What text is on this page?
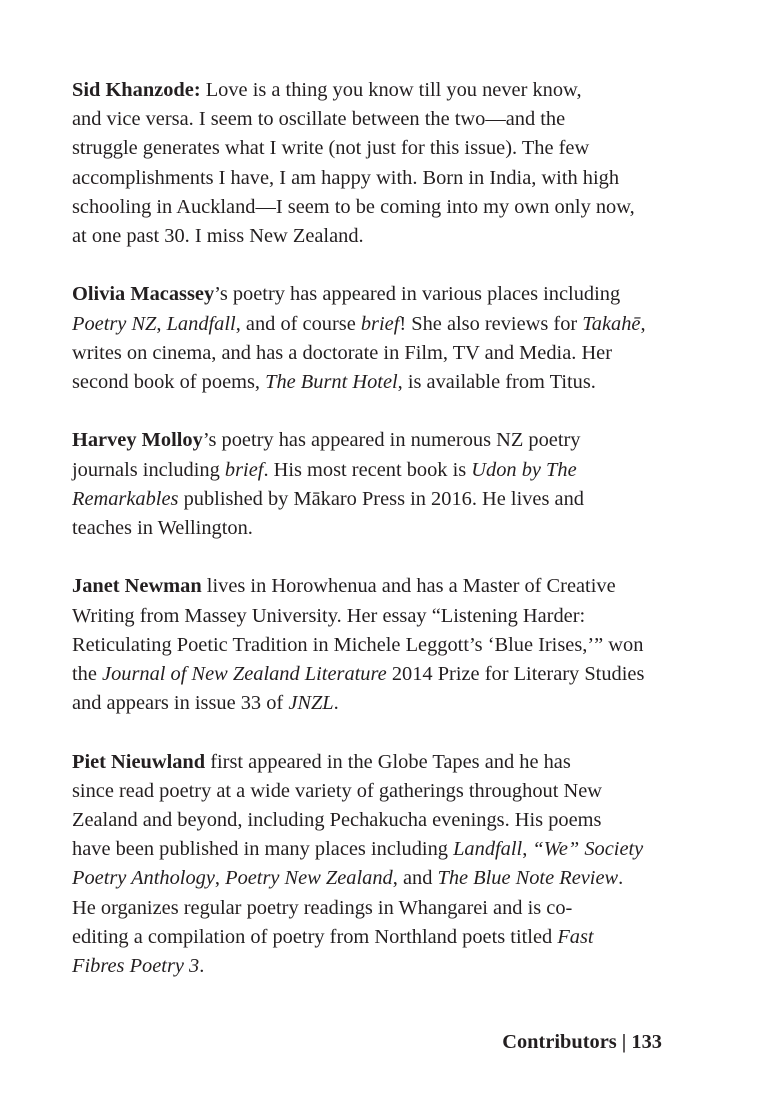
Sid Khanzode: Love is a thing you know till you never know,
and vice versa. I seem to oscillate between the two—and the
struggle generates what I write (not just for this issue). The few
accomplishments I have, I am happy with. Born in India, with high
schooling in Auckland—I seem to be coming into my own only now,
at one past 30. I miss New Zealand.

Olivia Macassey’s poetry has appeared in various places including
Poetry NZ, Landfall, and of course brief! She also reviews for Takahē,
writes on cinema, and has a doctorate in Film, TV and Media. Her
second book of poems, The Burnt Hotel, is available from Titus.

Harvey Molloy’s poetry has appeared in numerous NZ poetry
journals including brief. His most recent book is Udon by The
Remarkables published by Mākaro Press in 2016. He lives and
teaches in Wellington.

Janet Newman lives in Horowhenua and has a Master of Creative
Writing from Massey University. Her essay “Listening Harder:
Reticulating Poetic Tradition in Michele Leggott’s ‘Blue Irises,’” won
the Journal of New Zealand Literature 2014 Prize for Literary Studies
and appears in issue 33 of JNZL.

Piet Nieuwland first appeared in the Globe Tapes and he has
since read poetry at a wide variety of gatherings throughout New
Zealand and beyond, including Pechakucha evenings. His poems
have been published in many places including Landfall, “We” Society
Poetry Anthology, Poetry New Zealand, and The Blue Note Review.
He organizes regular poetry readings in Whangarei and is co-
editing a compilation of poetry from Northland poets titled Fast
Fibres Poetry 3.

Contributors | 133
